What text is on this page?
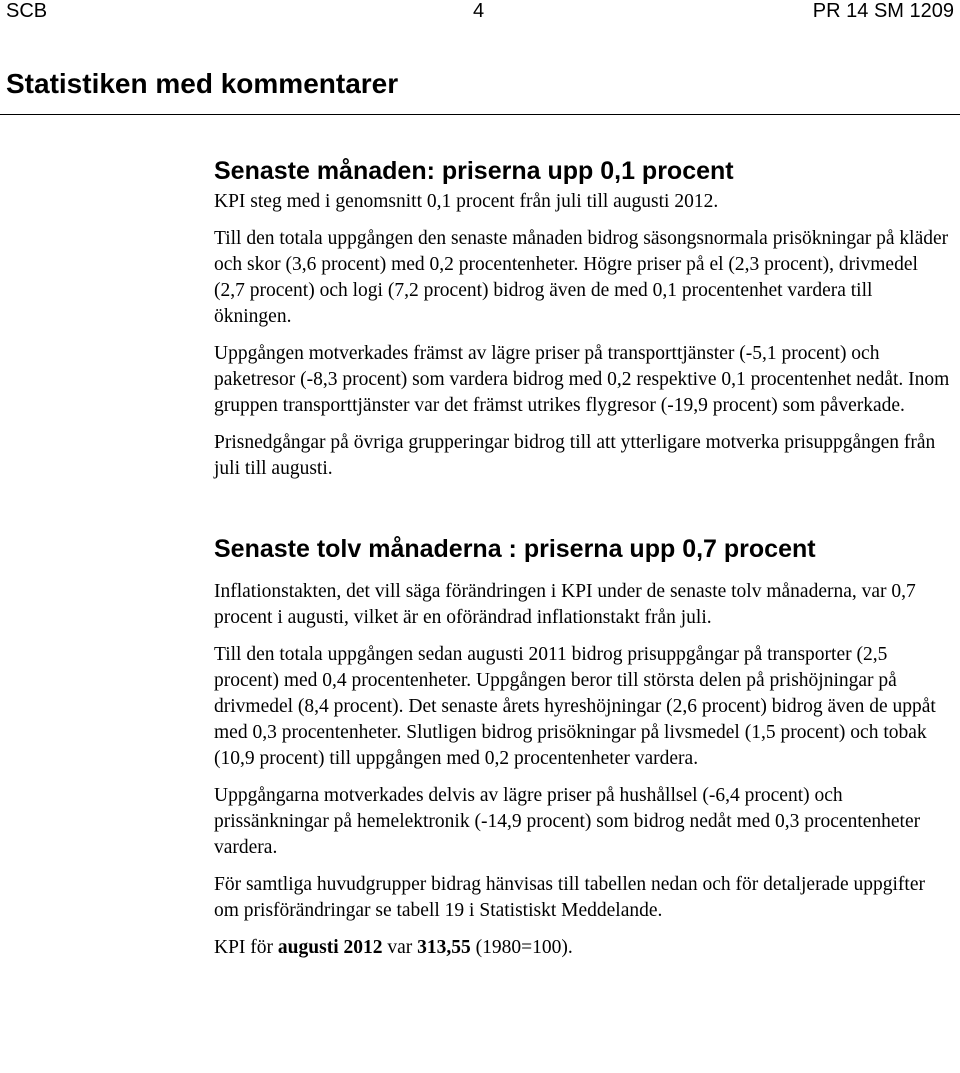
SCB	4	PR 14 SM 1209
Statistiken med kommentarer
Senaste månaden: priserna upp 0,1 procent

KPI steg med i genomsnitt 0,1 procent från juli till augusti 2012.

Till den totala uppgången den senaste månaden bidrog säsongsnormala prisökningar på kläder och skor (3,6 procent) med 0,2 procentenheter. Högre priser på el (2,3 procent), drivmedel (2,7 procent) och logi (7,2 procent) bidrog även de med 0,1 procentenhet vardera till ökningen.

Uppgången motverkades främst av lägre priser på transporttjänster (-5,1 procent) och paketresor (-8,3 procent) som vardera bidrog med 0,2 respektive 0,1 procentenhet nedåt. Inom gruppen transporttjänster var det främst utrikes flygresor (-19,9 procent) som påverkade.

Prisnedgångar på övriga grupperingar bidrog till att ytterligare motverka prisuppgången från juli till augusti.

Senaste tolv månaderna : priserna upp 0,7 procent

Inflationstakten, det vill säga förändringen i KPI under de senaste tolv månaderna, var 0,7 procent i augusti, vilket är en oförändrad inflationstakt från juli.

Till den totala uppgången sedan augusti 2011 bidrog prisuppgångar på transporter (2,5 procent) med 0,4 procentenheter. Uppgången beror till största delen på prishöjningar på drivmedel (8,4 procent). Det senaste årets hyreshöjningar (2,6 procent) bidrog även de uppåt med 0,3 procentenheter. Slutligen bidrog prisökningar på livsmedel (1,5 procent) och tobak (10,9 procent) till uppgången med 0,2 procentenheter vardera.

Uppgångarna motverkades delvis av lägre priser på hushållsel (-6,4 procent) och prissänkningar på hemelektronik (-14,9 procent) som bidrog nedåt med 0,3 procentenheter vardera.

För samtliga huvudgrupper bidrag hänvisas till tabellen nedan och för detaljerade uppgifter om prisförändringar se tabell 19 i Statistiskt Meddelande.

KPI för augusti 2012 var 313,55 (1980=100).
